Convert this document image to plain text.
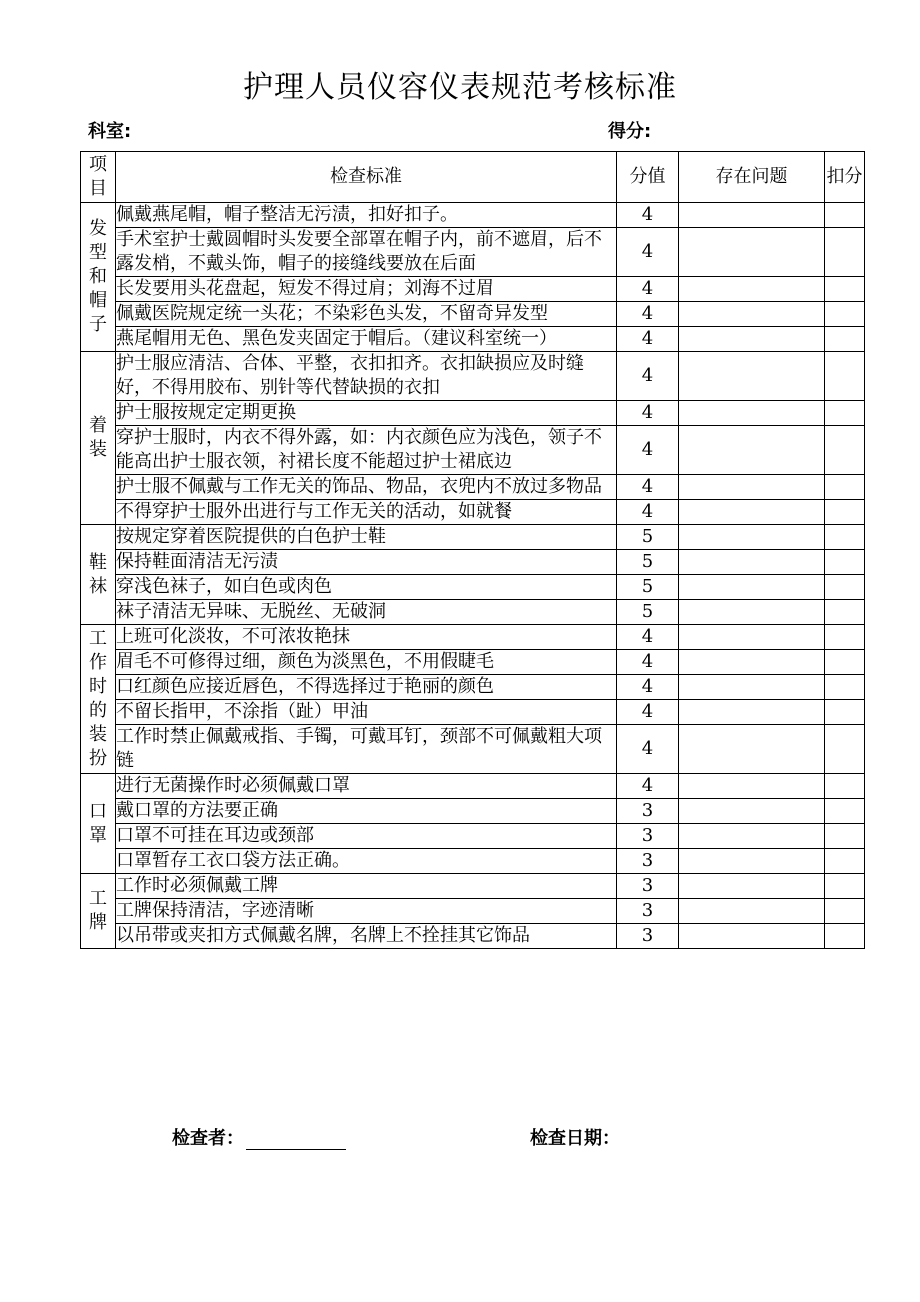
护理人员仪容仪表规范考核标准
科室:	得分:
项目	检查标准	分值	存在问题	扣分
发型和帽子	佩戴燕尾帽，帽子整洁无污渍，扣好扣子。	4		
	手术室护士戴圆帽时头发要全部罩在帽子内，前不遮眉，后不露发梢，不戴头饰，帽子的接缝线要放在后面	4		
	长发要用头花盘起，短发不得过肩；刘海不过眉	4		
	佩戴医院规定统一头花；不染彩色头发，不留奇异发型	4		
	燕尾帽用无色、黑色发夹固定于帽后。（建议科室统一）	4		
着装	护士服应清洁、合体、平整，衣扣扣齐。衣扣缺损应及时缝好，不得用胶布、别针等代替缺损的衣扣	4		
	护士服按规定定期更换	4		
	穿护士服时，内衣不得外露，如：内衣颜色应为浅色，领子不能高出护士服衣领，衬裙长度不能超过护士裙底边	4		
	护士服不佩戴与工作无关的饰品、物品，衣兜内不放过多物品	4		
	不得穿护士服外出进行与工作无关的活动，如就餐	4		
鞋袜	按规定穿着医院提供的白色护士鞋	5		
	保持鞋面清洁无污渍	5		
	穿浅色袜子，如白色或肉色	5		
	袜子清洁无异味、无脱丝、无破洞	5		
工作时的装扮	上班可化淡妆，不可浓妆艳抹	4		
	眉毛不可修得过细，颜色为淡黑色，不用假睫毛	4		
	口红颜色应接近唇色，不得选择过于艳丽的颜色	4		
	不留长指甲，不涂指（趾）甲油	4		
	工作时禁止佩戴戒指、手镯，可戴耳钉，颈部不可佩戴粗大项链	4		
口罩	进行无菌操作时必须佩戴口罩	4		
	戴口罩的方法要正确	3		
	口罩不可挂在耳边或颈部	3		
	口罩暂存工衣口袋方法正确。	3		
工牌	工作时必须佩戴工牌	3		
	工牌保持清洁，字迹清晰	3		
	以吊带或夹扣方式佩戴名牌，名牌上不拴挂其它饰品	3		
检查者：	检查日期：
